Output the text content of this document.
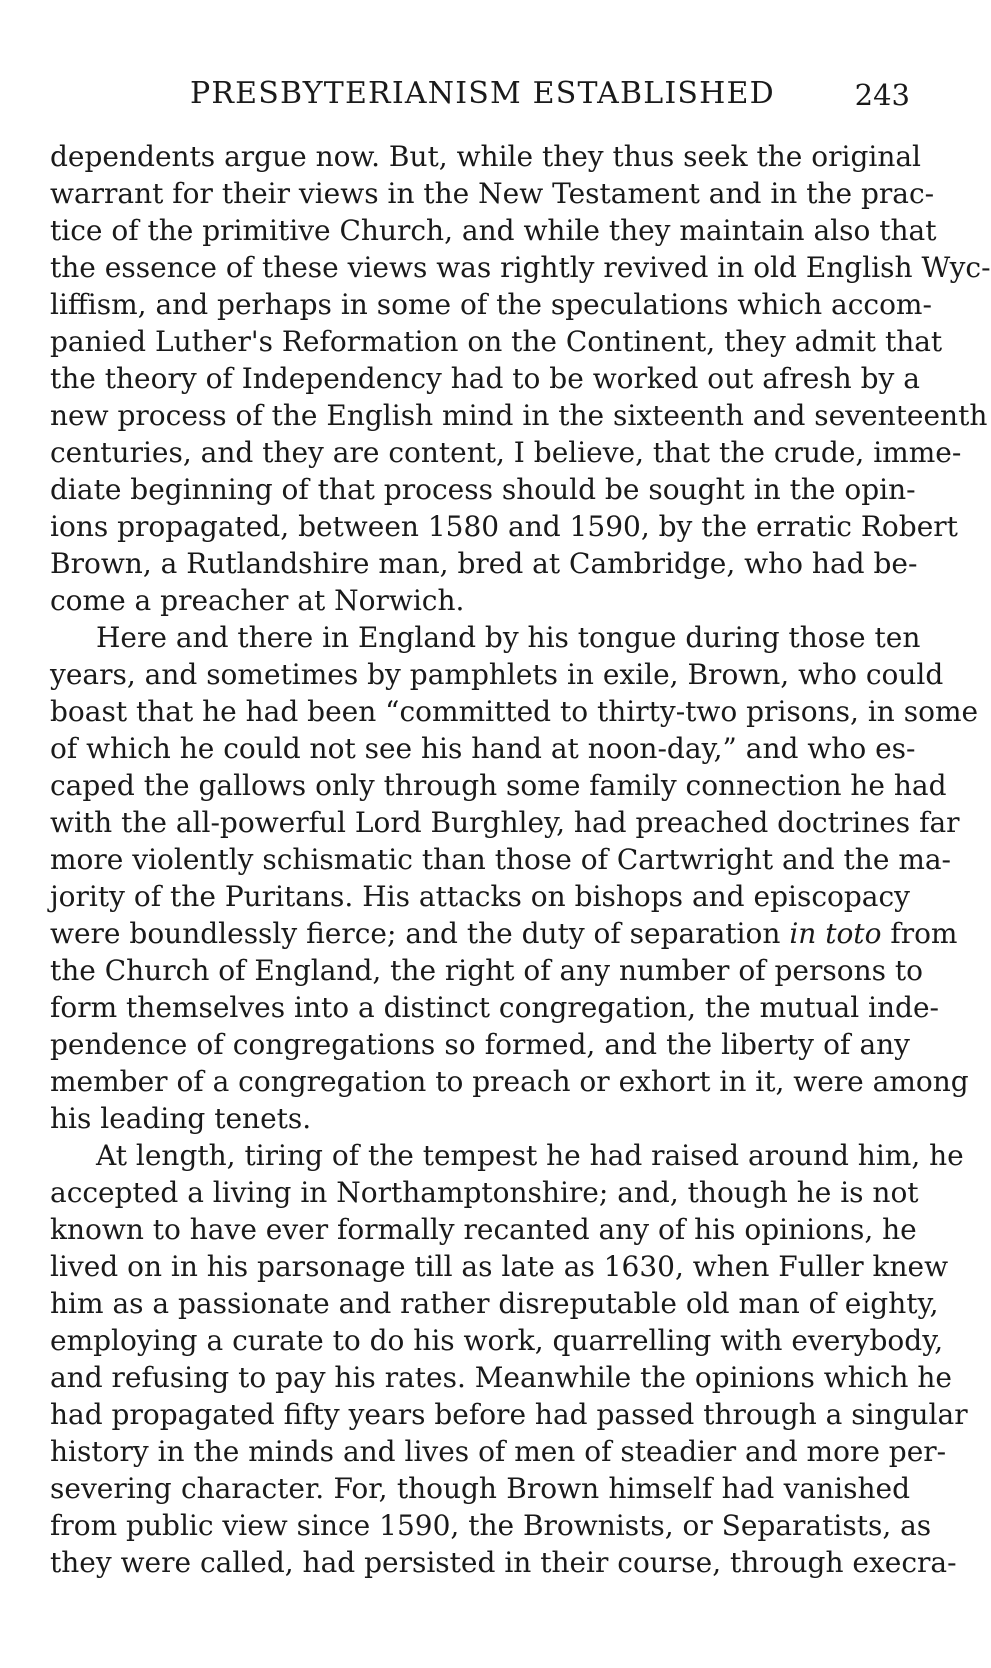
PRESBYTERIANISM ESTABLISHED	243

dependents argue now. But, while they thus seek the original
warrant for their views in the New Testament and in the prac-
tice of the primitive Church, and while they maintain also that
the essence of these views was rightly revived in old English Wyc-
liffism, and perhaps in some of the speculations which accom-
panied Luther's Reformation on the Continent, they admit that
the theory of Independency had to be worked out afresh by a
new process of the English mind in the sixteenth and seventeenth
centuries, and they are content, I believe, that the crude, imme-
diate beginning of that process should be sought in the opin-
ions propagated, between 1580 and 1590, by the erratic Robert
Brown, a Rutlandshire man, bred at Cambridge, who had be-
come a preacher at Norwich.

Here and there in England by his tongue during those ten
years, and sometimes by pamphlets in exile, Brown, who could
boast that he had been “committed to thirty-two prisons, in some
of which he could not see his hand at noon-day,” and who es-
caped the gallows only through some family connection he had
with the all-powerful Lord Burghley, had preached doctrines far
more violently schismatic than those of Cartwright and the ma-
jority of the Puritans. His attacks on bishops and episcopacy
were boundlessly fierce; and the duty of separation in toto from
the Church of England, the right of any number of persons to
form themselves into a distinct congregation, the mutual inde-
pendence of congregations so formed, and the liberty of any
member of a congregation to preach or exhort in it, were among
his leading tenets.

At length, tiring of the tempest he had raised around him, he
accepted a living in Northamptonshire; and, though he is not
known to have ever formally recanted any of his opinions, he
lived on in his parsonage till as late as 1630, when Fuller knew
him as a passionate and rather disreputable old man of eighty,
employing a curate to do his work, quarrelling with everybody,
and refusing to pay his rates. Meanwhile the opinions which he
had propagated fifty years before had passed through a singular
history in the minds and lives of men of steadier and more per-
severing character. For, though Brown himself had vanished
from public view since 1590, the Brownists, or Separatists, as
they were called, had persisted in their course, through execra-
